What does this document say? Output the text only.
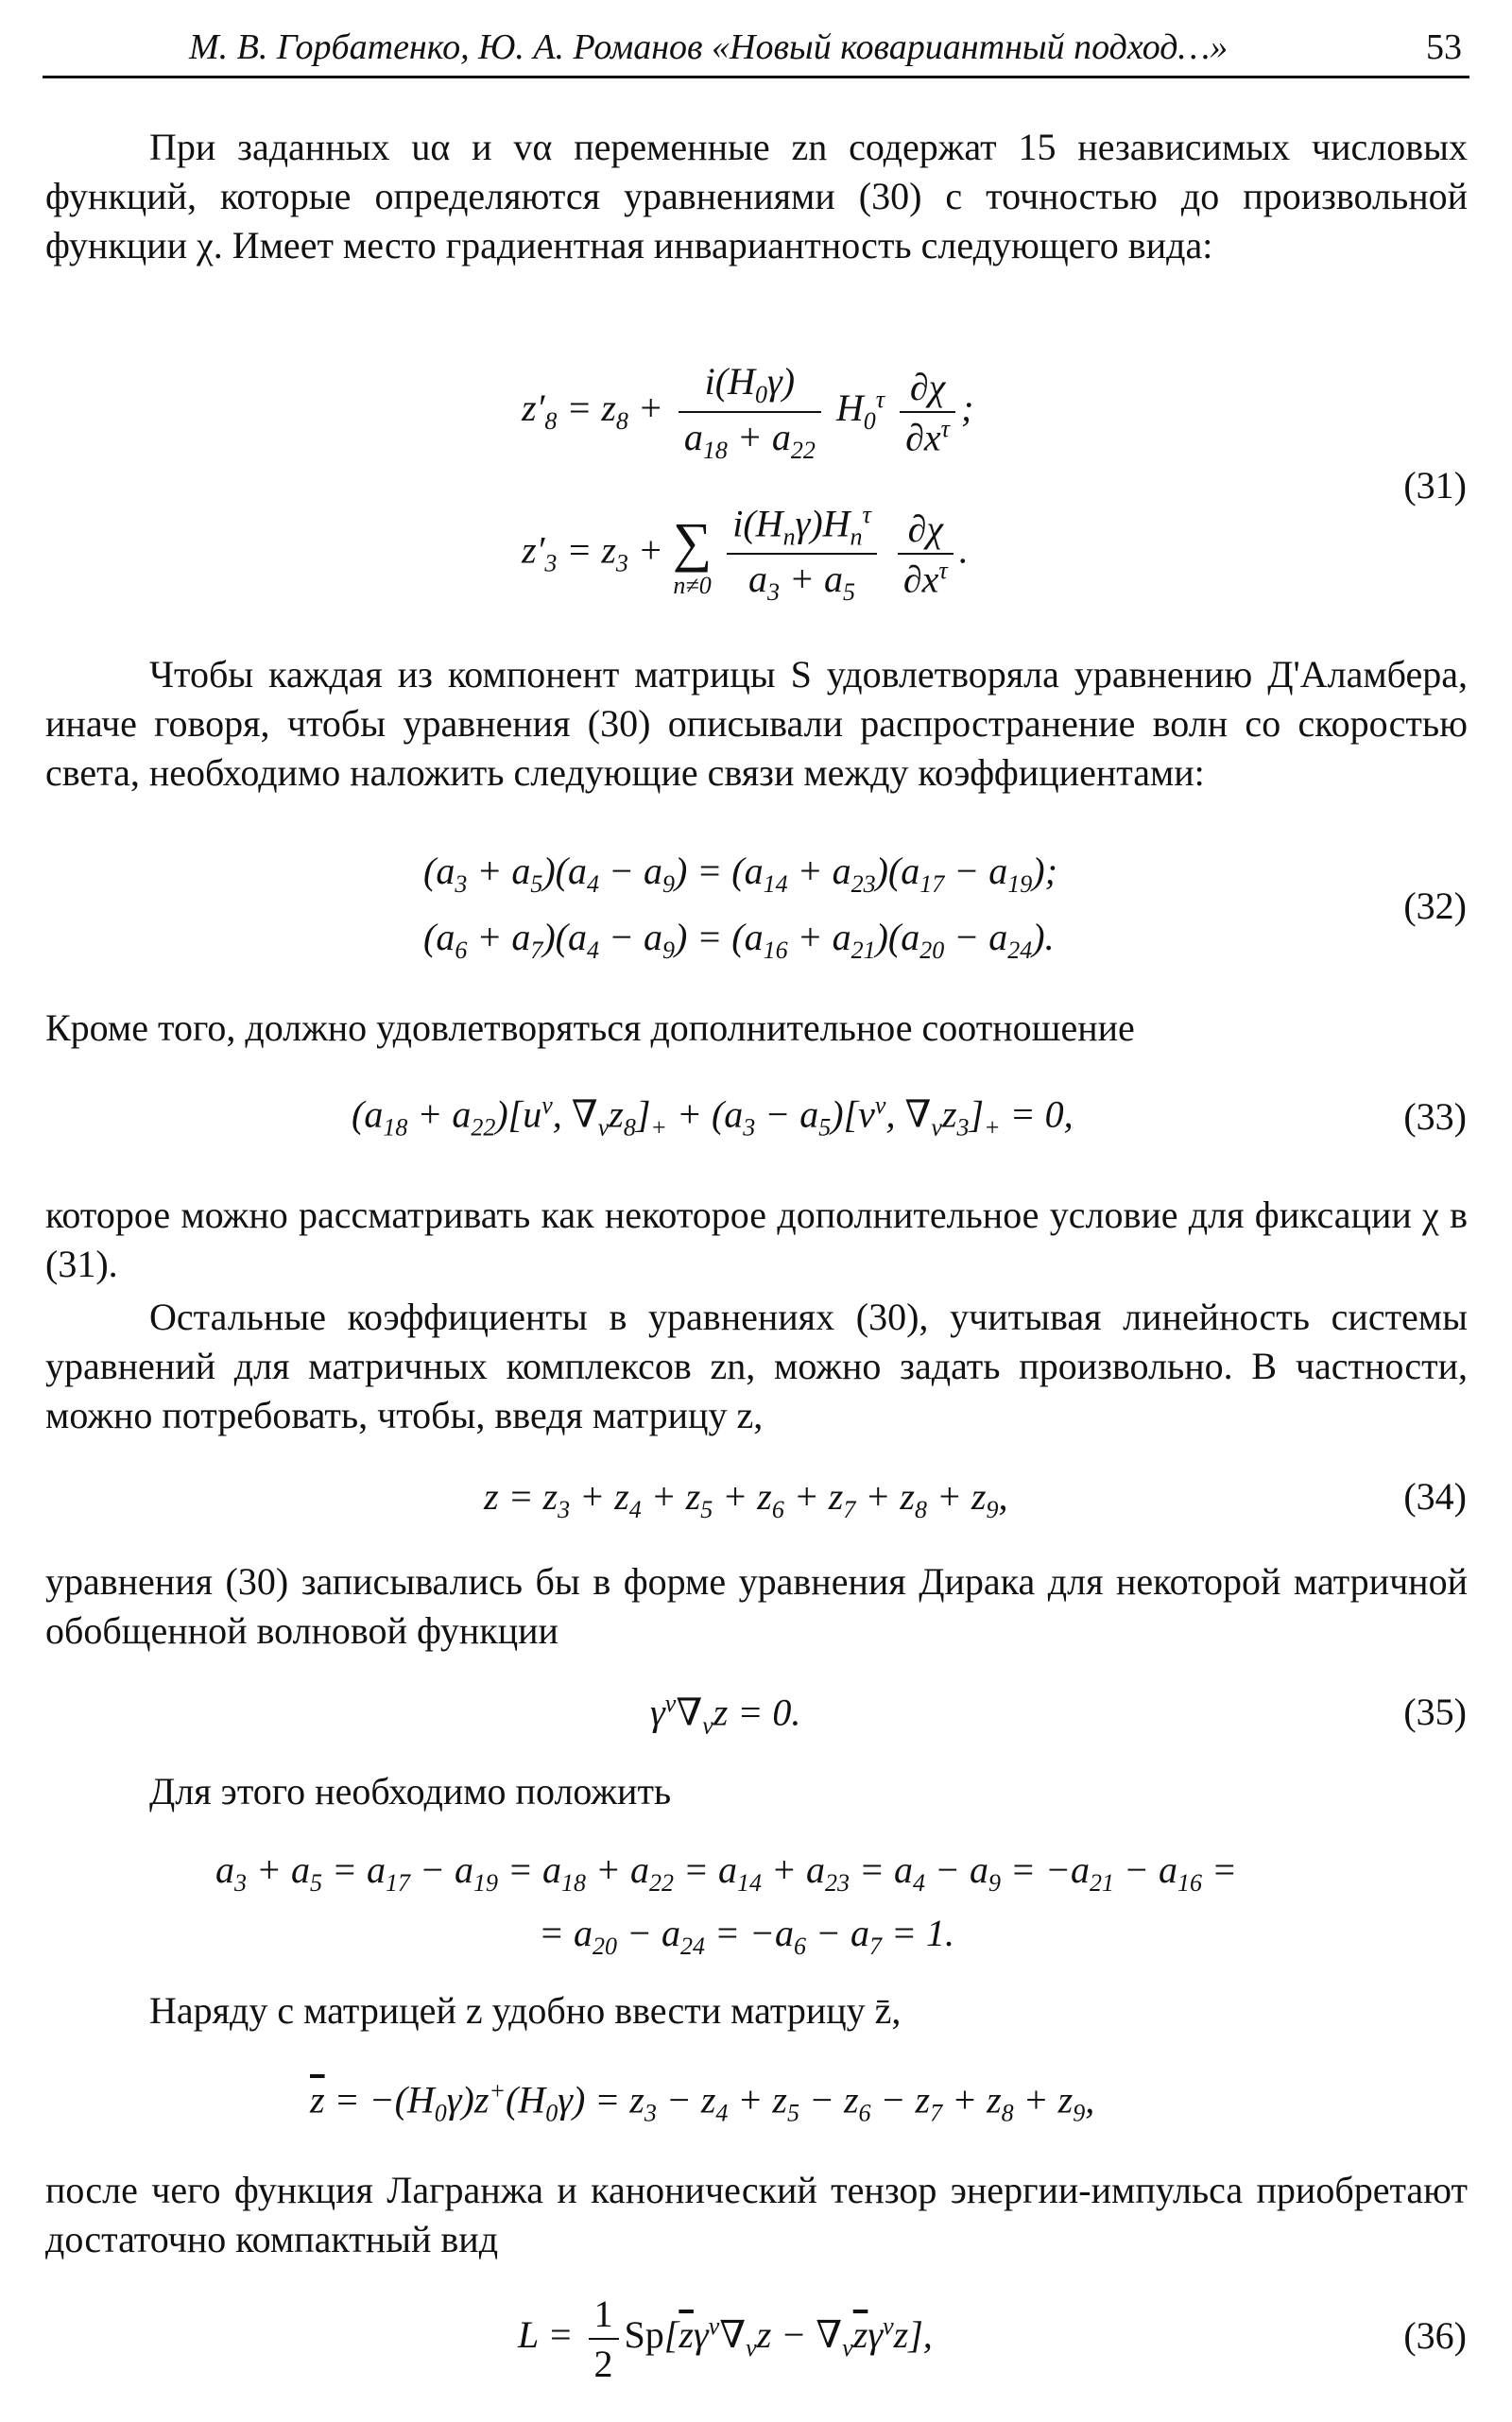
М. В. Горбатенко, Ю. А. Романов «Новый ковариантный подход…»	53
При заданных uα и vα переменные zn содержат 15 независимых числовых функций, которые определяются уравнениями (30) с точностью до произвольной функции χ. Имеет место градиентная инвариантность следующего вида:
$z'_8 = z_8 + \frac{i(H_0\gamma)}{a_{18} + a_{22}} H_0^\tau \frac{\partial\chi}{\partial x^\tau}$ ;
$z'_3 = z_3$ + ∑
n≠0
$\frac{i(H_n\gamma)H_n^\tau}{a_3 + a_5}$
$\frac{\partial\chi}{\partial x^\tau}$ .
(31)
Чтобы каждая из компонент матрицы S удовлетворяла уравнению Д'Аламбера, иначе говоря, чтобы уравнения (30) описывали распространение волн со скоростью света, необходимо наложить следующие связи между коэффициентами:
$(a_3 + a_5)(a_4 - a_9) = (a_{14} + a_{23})(a_{17} - a_{19})$;
$(a_6 + a_7)(a_4 - a_9) = (a_{16} + a_{21})(a_{20} - a_{24})$.
(32)
Кроме того, должно удовлетворяться дополнительное соотношение
$(a_{18} + a_{22})[u^\nu$, $\nabla_\nu z_8]_+ + (a_3 - a_5)[v^\nu$, $\nabla_\nu z_3]_+ = 0$,	(33)
которое можно рассматривать как некоторое дополнительное условие для фиксации χ в (31).
Остальные коэффициенты в уравнениях (30), учитывая линейность системы уравнений для матричных комплексов zn, можно задать произвольно. В частности, можно потребовать, чтобы, введя матрицу z,
$z = z_3 + z_4 + z_5 + z_6 + z_7 + z_8 + z_9$,	(34)
уравнения (30) записывались бы в форме уравнения Дирака для некоторой матричной обобщенной волновой функции
$\gamma^\nu\nabla_\nu z = 0$.	(35)
Для этого необходимо положить
$a_3 + a_5 = a_{17} - a_{19} = a_{18} + a_{22} = a_{14} + a_{23} = a_4 - a_9 = -a_{21} - a_{16}$ =
= $a_{20} - a_{24} = -a_6 - a_7 = 1$.
Наряду с матрицей z удобно ввести матрицу z̄,
$\overline{z} = -(H_0\gamma)z^+(H_0\gamma) = z_3 - z_4 + z_5 - z_6 - z_7 + z_8 + z_9$,
после чего функция Лагранжа и канонический тензор энергии-импульса приобретают достаточно компактный вид
$L = \frac{1}{2} Sp[\overline{z}\gamma^\nu\nabla_\nu z - \nabla_\nu\overline{z}\gamma^\nu z]$,	(36)
